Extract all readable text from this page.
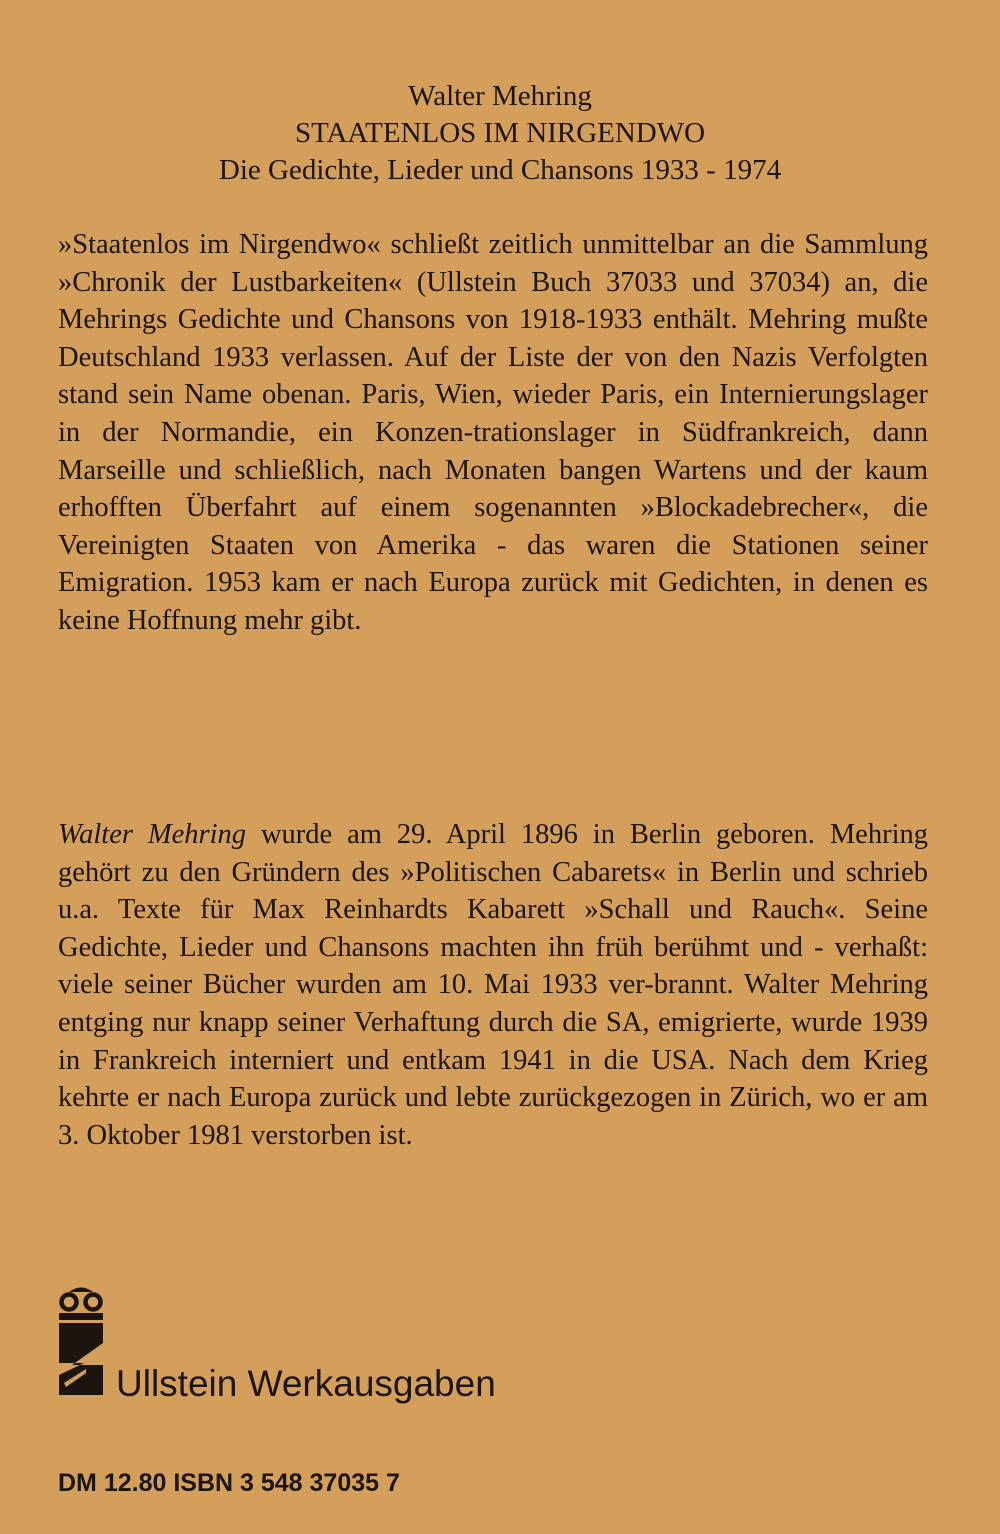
Walter Mehring
STAATENLOS IM NIRGENDWO
Die Gedichte, Lieder und Chansons 1933 - 1974

»Staatenlos im Nirgendwo« schließt zeitlich unmittelbar an die Sammlung »Chronik der Lustbarkeiten« (Ullstein Buch 37033 und 37034) an, die Mehrings Gedichte und Chansons von 1918-1933 enthält. Mehring mußte Deutschland 1933 verlassen. Auf der Liste der von den Nazis Verfolgten stand sein Name obenan. Paris, Wien, wieder Paris, ein Internierungslager in der Normandie, ein Konzen-trationslager in Südfrankreich, dann Marseille und schließlich, nach Monaten bangen Wartens und der kaum erhofften Überfahrt auf einem sogenannten »Blockadebrecher«, die Vereinigten Staaten von Amerika - das waren die Stationen seiner Emigration. 1953 kam er nach Europa zurück mit Gedichten, in denen es keine Hoffnung mehr gibt.

Walter Mehring wurde am 29. April 1896 in Berlin geboren. Mehring gehört zu den Gründern des »Politischen Cabarets« in Berlin und schrieb u.a. Texte für Max Reinhardts Kabarett »Schall und Rauch«. Seine Gedichte, Lieder und Chansons machten ihn früh berühmt und - verhaßt: viele seiner Bücher wurden am 10. Mai 1933 ver-brannt. Walter Mehring entging nur knapp seiner Verhaftung durch die SA, emigrierte, wurde 1939 in Frankreich interniert und entkam 1941 in die USA. Nach dem Krieg kehrte er nach Europa zurück und lebte zurückgezogen in Zürich, wo er am 3. Oktober 1981 verstorben ist.

Ullstein Werkausgaben
DM 12.80 ISBN 3 548 37035 7
